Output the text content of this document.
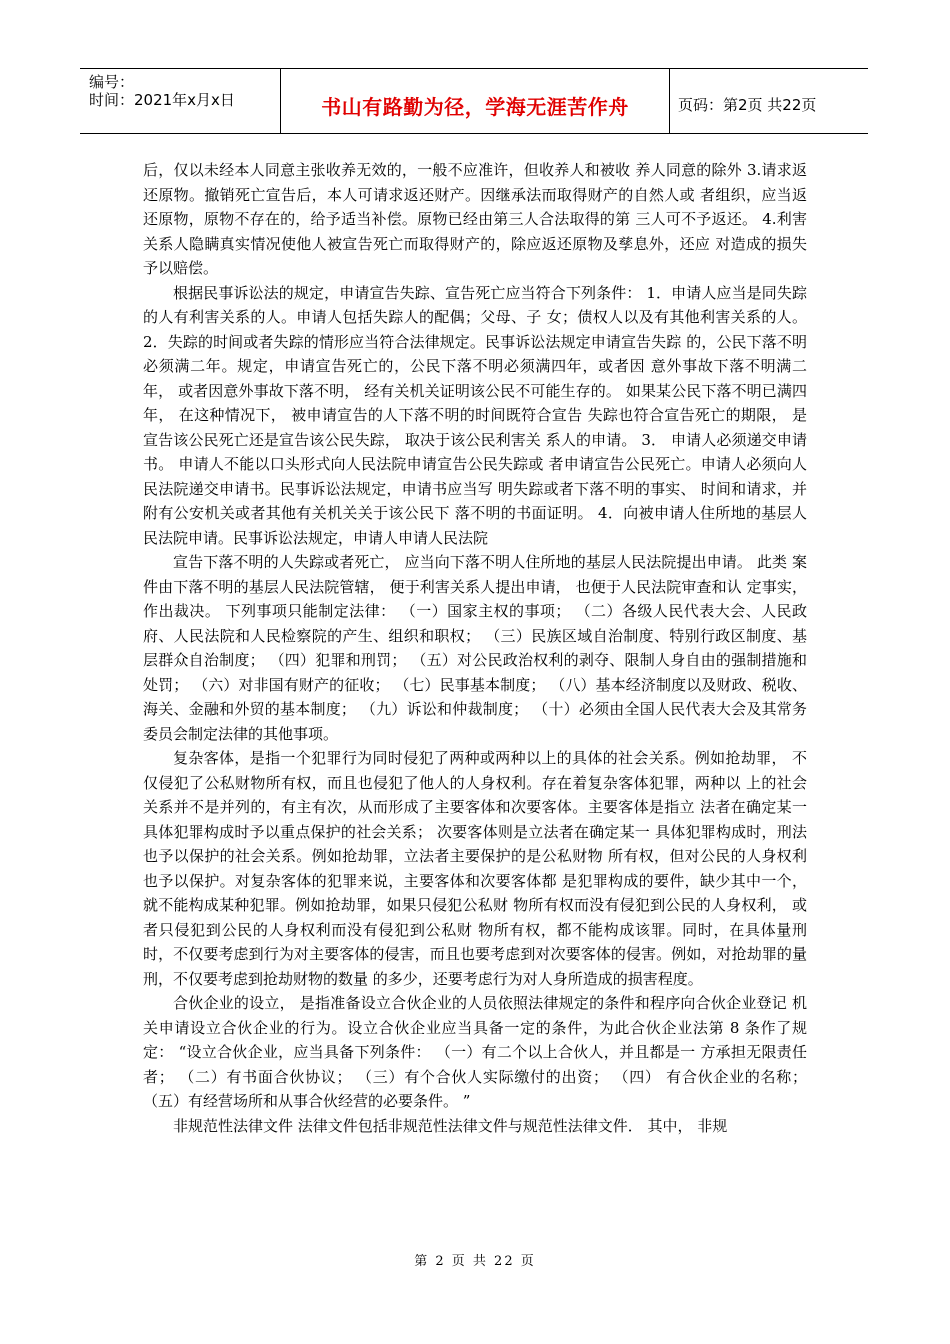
编号：
时间：2021年x月x日	书山有路勤为径，学海无涯苦作舟	页码：第2页 共22页

后，仅以未经本人同意主张收养无效的，一般不应准许，但收养人和被收 养人同意的除外 3.请求返还原物。撤销死亡宣告后，本人可请求返还财产。因继承法而取得财产的自然人或 者组织，应当返还原物，原物不存在的，给予适当补偿。原物已经由第三人合法取得的第 三人可不予返还。 4.利害关系人隐瞒真实情况使他人被宣告死亡而取得财产的，除应返还原物及孳息外，还应 对造成的损失予以赔偿。

根据民事诉讼法的规定，申请宣告失踪、宣告死亡应当符合下列条件： 1．申请人应当是同失踪的人有利害关系的人。申请人包括失踪人的配偶；父母、子 女；债权人以及有其他利害关系的人。 2．失踪的时间或者失踪的情形应当符合法律规定。民事诉讼法规定申请宣告失踪 的，公民下落不明必须满二年。规定，申请宣告死亡的，公民下落不明必须满四年，或者因 意外事故下落不明满二年， 或者因意外事故下落不明， 经有关机关证明该公民不可能生存的。 如果某公民下落不明已满四年， 在这种情况下， 被申请宣告的人下落不明的时间既符合宣告 失踪也符合宣告死亡的期限， 是宣告该公民死亡还是宣告该公民失踪， 取决于该公民利害关 系人的申请。 3． 申请人必须递交申请书。 申请人不能以口头形式向人民法院申请宣告公民失踪或 者申请宣告公民死亡。申请人必须向人民法院递交申请书。民事诉讼法规定，申请书应当写 明失踪或者下落不明的事实、 时间和请求，并附有公安机关或者其他有关机关关于该公民下 落不明的书面证明。 4．向被申请人住所地的基层人民法院申请。民事诉讼法规定，申请人申请人民法院

宣告下落不明的人失踪或者死亡， 应当向下落不明人住所地的基层人民法院提出申请。 此类 案件由下落不明的基层人民法院管辖， 便于利害关系人提出申请， 也便于人民法院审查和认 定事实，作出裁决。 下列事项只能制定法律： （一）国家主权的事项； （二）各级人民代表大会、人民政府、人民法院和人民检察院的产生、组织和职权； （三）民族区域自治制度、特别行政区制度、基层群众自治制度； （四）犯罪和刑罚； （五）对公民政治权利的剥夺、限制人身自由的强制措施和处罚； （六）对非国有财产的征收； （七）民事基本制度； （八）基本经济制度以及财政、税收、海关、金融和外贸的基本制度； （九）诉讼和仲裁制度； （十）必须由全国人民代表大会及其常务委员会制定法律的其他事项。

复杂客体，是指一个犯罪行为同时侵犯了两种或两种以上的具体的社会关系。例如抢劫罪， 不仅侵犯了公私财物所有权，而且也侵犯了他人的人身权利。存在着复杂客体犯罪，两种以 上的社会关系并不是并列的，有主有次，从而形成了主要客体和次要客体。主要客体是指立 法者在确定某一具体犯罪构成时予以重点保护的社会关系； 次要客体则是立法者在确定某一 具体犯罪构成时，刑法也予以保护的社会关系。例如抢劫罪，立法者主要保护的是公私财物 所有权，但对公民的人身权利也予以保护。对复杂客体的犯罪来说，主要客体和次要客体都 是犯罪构成的要件，缺少其中一个，就不能构成某种犯罪。例如抢劫罪，如果只侵犯公私财 物所有权而没有侵犯到公民的人身权利， 或者只侵犯到公民的人身权利而没有侵犯到公私财 物所有权，都不能构成该罪。同时，在具体量刑时，不仅要考虑到行为对主要客体的侵害，而且也要考虑到对次要客体的侵害。例如，对抢劫罪的量刑，不仅要考虑到抢劫财物的数量 的多少，还要考虑行为对人身所造成的损害程度。

合伙企业的设立， 是指准备设立合伙企业的人员依照法律规定的条件和程序向合伙企业登记 机关申请设立合伙企业的行为。设立合伙企业应当具备一定的条件，为此合伙企业法第 8 条作了规定： “设立合伙企业，应当具备下列条件： （一）有二个以上合伙人，并且都是一 方承担无限责任者； （二）有书面合伙协议； （三）有个合伙人实际缴付的出资； （四） 有合伙企业的名称； （五）有经营场所和从事合伙经营的必要条件。 ”

非规范性法律文件 法律文件包括非规范性法律文件与规范性法律文件． 其中， 非规

第 2 页 共 22 页
